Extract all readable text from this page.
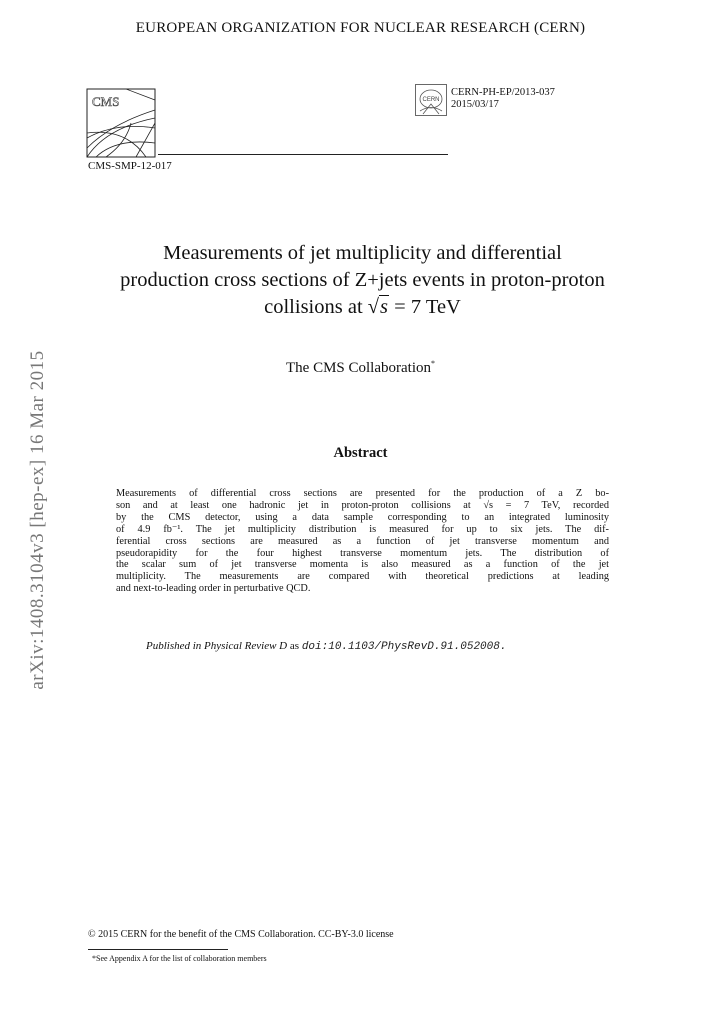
EUROPEAN ORGANIZATION FOR NUCLEAR RESEARCH (CERN)
CMS	CERN
CERN-PH-EP/2013-037
2015/03/17
CMS-SMP-12-017
arXiv:1408.3104v3 [hep-ex] 16 Mar 2015
Measurements of jet multiplicity and differential
production cross sections of Z+jets events in proton-proton
collisions at √s = 7 TeV
The CMS Collaboration*
Abstract
Measurements of differential cross sections are presented for the production of a Z bo-
son and at least one hadronic jet in proton-proton collisions at √s = 7 TeV, recorded
by the CMS detector, using a data sample corresponding to an integrated luminosity
of 4.9 fb⁻¹. The jet multiplicity distribution is measured for up to six jets. The dif-
ferential cross sections are measured as a function of jet transverse momentum and
pseudorapidity for the four highest transverse momentum jets. The distribution of
the scalar sum of jet transverse momenta is also measured as a function of the jet
multiplicity. The measurements are compared with theoretical predictions at leading
and next-to-leading order in perturbative QCD.
Published in Physical Review D as doi:10.1103/PhysRevD.91.052008.
© 2015 CERN for the benefit of the CMS Collaboration. CC-BY-3.0 license
*See Appendix A for the list of collaboration members
